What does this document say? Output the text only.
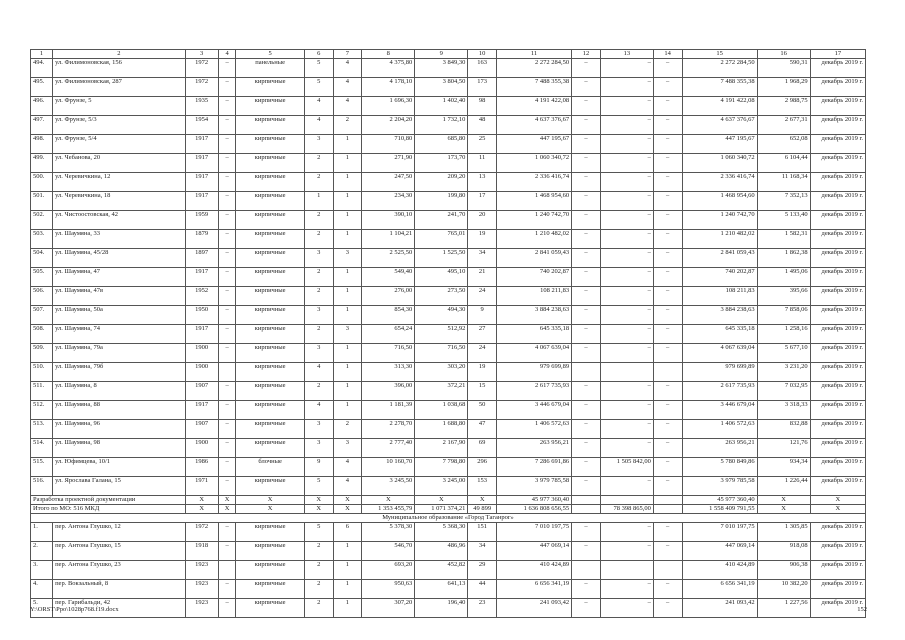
1	2	3	4	5	6	7	8	9	10	11	12	13	14	15	16	17
494.	ул. Филимоновская, 156	1972	–	панельные	5	4	4 375,80	3 849,30	163	2 272 284,50	–	–	–	2 272 284,50	590,31	декабрь 2019 г.
495.	ул. Филимоновская, 287	1972	–	кирпичные	5	4	4 178,10	3 804,50	173	7 488 355,38	–	–	–	7 488 355,38	1 968,29	декабрь 2019 г.
496.	ул. Фрунзе, 5	1935	–	кирпичные	4	4	1 696,30	1 402,40	98	4 191 422,08	–	–	–	4 191 422,08	2 988,75	декабрь 2019 г.
497.	ул. Фрунзе, 5/3	1954	–	кирпичные	4	2	2 204,20	1 732,10	48	4 637 376,67	–	–	–	4 637 376,67	2 677,31	декабрь 2019 г.
498.	ул. Фрунзе, 5/4	1917	–	кирпичные	3	1	710,80	685,80	25	447 195,67	–	–	–	447 195,67	652,08	декабрь 2019 г.
499.	ул. Чебанова, 20	1917	–	кирпичные	2	1	271,90	173,70	11	1 060 340,72	–	–	–	1 060 340,72	6 104,44	декабрь 2019 г.
500.	ул. Черевичкина, 12	1917	–	кирпичные	2	1	247,50	209,20	13	2 336 416,74	–	–	–	2 336 416,74	11 168,34	декабрь 2019 г.
501.	ул. Черевичкина, 18	1917	–	кирпичные	1	1	234,30	199,80	17	1 468 954,60	–	–	–	1 468 954,60	7 352,13	декабрь 2019 г.
502.	ул. Чистоостовская, 42	1959	–	кирпичные	2	1	390,10	241,70	20	1 240 742,70	–	–	–	1 240 742,70	5 133,40	декабрь 2019 г.
503.	ул. Шаумяна, 33	1879	–	кирпичные	2	1	1 104,21	765,01	19	1 210 482,02	–	–	–	1 210 482,02	1 582,31	декабрь 2019 г.
504.	ул. Шаумяна, 45/28	1897	–	кирпичные	3	3	2 525,50	1 525,50	34	2 841 059,43	–	–	–	2 841 059,43	1 862,38	декабрь 2019 г.
505.	ул. Шаумяна, 47	1917	–	кирпичные	2	1	549,40	495,10	21	740 202,87	–	–	–	740 202,87	1 495,06	декабрь 2019 г.
506.	ул. Шаумяна, 47в	1952	–	кирпичные	2	1	276,00	273,50	24	108 211,83	–	–	–	108 211,83	395,66	декабрь 2019 г.
507.	ул. Шаумяна, 50а	1950	–	кирпичные	3	1	854,30	494,30	9	3 884 238,63	–	–	–	3 884 238,63	7 858,06	декабрь 2019 г.
508.	ул. Шаумяна, 74	1917	–	кирпичные	2	3	654,24	512,92	27	645 335,18	–	–	–	645 335,18	1 258,16	декабрь 2019 г.
509.	ул. Шаумяна, 79а	1900	–	кирпичные	3	1	716,50	716,50	24	4 067 639,04	–	–	–	4 067 639,04	5 677,10	декабрь 2019 г.
510.	ул. Шаумяна, 79б	1900		кирпичные	4	1	313,30	303,20	19	979 699,89				979 699,89	3 231,20	декабрь 2019 г.
511.	ул. Шаумяна, 8	1907	–	кирпичные	2	1	396,00	372,21	15	2 617 735,93	–	–	–	2 617 735,93	7 032,95	декабрь 2019 г.
512.	ул. Шаумяна, 88	1917	–	кирпичные	4	1	1 181,39	1 038,68	50	3 446 679,04	–	–	–	3 446 679,04	3 318,33	декабрь 2019 г.
513.	ул. Шаумяна, 96	1907	–	кирпичные	3	2	2 278,70	1 688,80	47	1 406 572,63	–	–	–	1 406 572,63	832,88	декабрь 2019 г.
514.	ул. Шаумяна, 98	1900	–	кирпичные	3	3	2 777,40	2 167,90	69	263 956,21	–	–	–	263 956,21	121,76	декабрь 2019 г.
515.	ул. Юфимцева, 10/1	1986	–	блочные	9	4	10 160,70	7 798,80	296	7 286 691,86	–	1 505 842,00	–	5 780 849,86	934,34	декабрь 2019 г.
516.	ул. Ярослава Галана, 15	1971	–	кирпичные	5	4	3 245,50	3 245,00	153	3 979 785,58	–	–	–	3 979 785,58	1 226,44	декабрь 2019 г.
Разработка проектной документации		X	X	X	X	X	X	X	X	45 977 360,40				45 977 360,40	X	X
Итого по МО: 516 МКД		X	X	X	X	X	1 353 455,79	1 071 374,21	49 899	1 636 808 656,55		78 398 865,00		1 558 409 791,55	X	X
Муниципальное образование «Город Таганрог»																
1.	пер. Антона Глушко, 12	1972	–	кирпичные	5	6	5 378,30	5 368,30	151	7 010 197,75	–	–	–	7 010 197,75	1 305,85	декабрь 2019 г.
2.	пер. Антона Глушко, 15	1918	–	кирпичные	2	1	546,70	486,96	34	447 069,14	–	–	–	447 069,14	918,08	декабрь 2019 г.
3.	пер. Антона Глушко, 23	1923		кирпичные	2	1	693,20	452,82	29	410 424,89				410 424,89	906,38	декабрь 2019 г.
4.	пер. Вокзальный, 8	1923	–	кирпичные	2	1	950,63	641,13	44	6 656 341,19	–	–	–	6 656 341,19	10 382,20	декабрь 2019 г.
5.	пер. Гарибальди, 42	1923	–	кирпичные	2	1	307,20	196,40	23	241 093,42	–	–	–	241 093,42	1 227,56	декабрь 2019 г.
Y:\ORST\Ppo\1028p768.f19.docx	152
